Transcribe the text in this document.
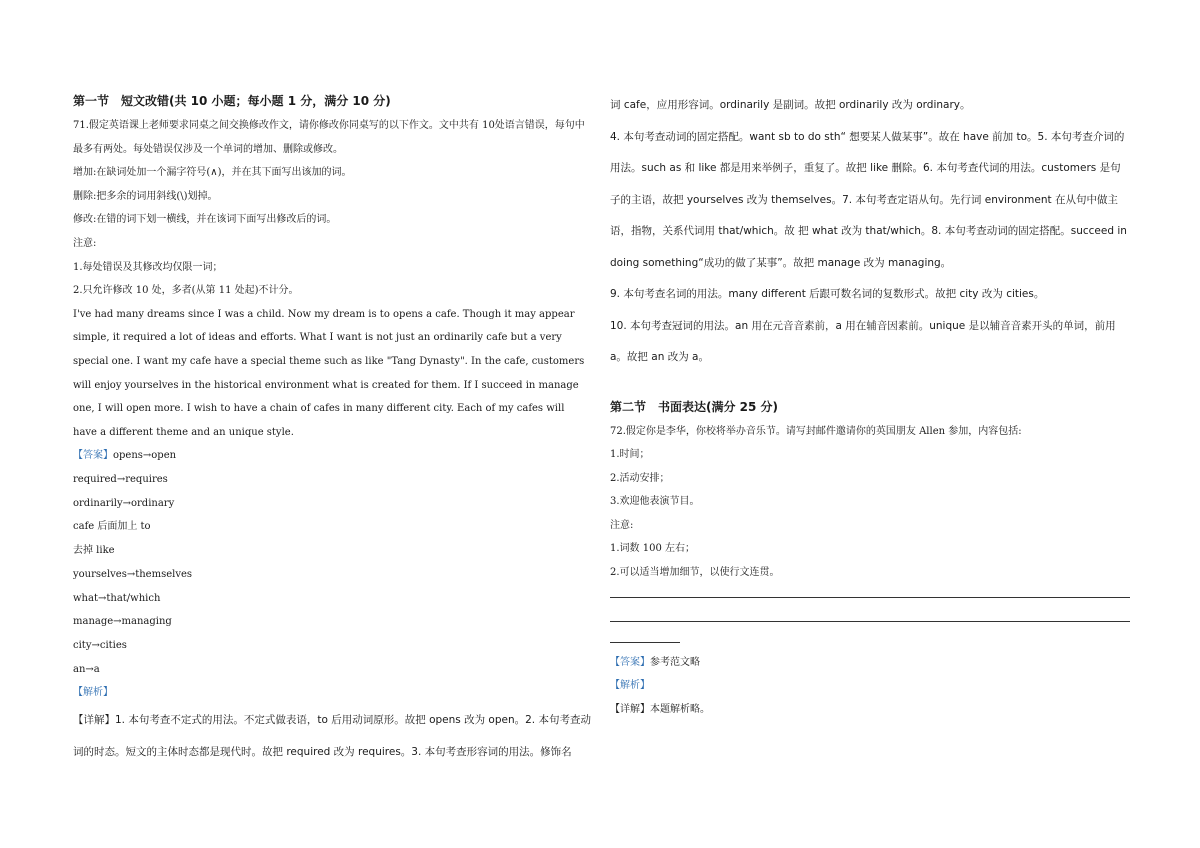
第一节　短文改错(共 10 小题；每小题 1 分，满分 10 分)

71.假定英语课上老师要求同桌之间交换修改作文，请你修改你同桌写的以下作文。文中共有 10处语言错误，每句中最多有两处。每处错误仅涉及一个单词的增加、删除或修改。

增加:在缺词处加一个漏字符号(∧)，并在其下面写出该加的词。

删除:把多余的词用斜线(\)划掉。

修改:在错的词下划一横线，并在该词下面写出修改后的词。

注意:

1.每处错误及其修改均仅限一词；

2.只允许修改 10 处，多者(从第 11 处起)不计分。

I've had many dreams since I was a child. Now my dream is to opens a cafe. Though it may appear simple, it required a lot of ideas and efforts. What I want is not just an ordinarily cafe but a very special one. I want my cafe have a special theme such as like "Tang Dynasty". In the cafe, customers will enjoy yourselves in the historical environment what is created for them. If I succeed in manage one, I will open more. I wish to have a chain of cafes in many different city. Each of my cafes will have a different theme and an unique style.

【答案】opens→open

required→requires

ordinarily→ordinary

cafe 后面加上 to

去掉 like

yourselves→themselves

what→that/which

manage→managing

city→cities

an→a

【解析】

【详解】1. 本句考查不定式的用法。不定式做表语，to 后用动词原形。故把 opens 改为 open。2. 本句考查动词的时态。短文的主体时态都是现代时。故把 required 改为 requires。3. 本句考查形容词的用法。修饰名

词 cafe，应用形容词。ordinarily 是副词。故把 ordinarily 改为 ordinary。

4. 本句考查动词的固定搭配。want sb to do sth“ 想要某人做某事”。故在 have 前加 to。5. 本句考查介词的用法。such as 和 like 都是用来举例子，重复了。故把 like 删除。6. 本句考查代词的用法。customers 是句子的主语，故把 yourselves 改为 themselves。7. 本句考查定语从句。先行词 environment 在从句中做主语，指物，关系代词用 that/which。故 把 what 改为 that/which。8. 本句考查动词的固定搭配。succeed in doing something“成功的做了某事”。故把 manage 改为 managing。

9. 本句考查名词的用法。many different 后跟可数名词的复数形式。故把 city 改为 cities。

10. 本句考查冠词的用法。an 用在元音音素前，a 用在辅音因素前。unique 是以辅音音素开头的单词，前用 a。故把 an 改为 a。

第二节　书面表达(满分 25 分)

72.假定你是李华，你校将举办音乐节。请写封邮件邀请你的英国朋友 Allen 参加，内容包括:

1.时间；

2.活动安排；

3.欢迎他表演节目。

注意:

1.词数 100 左右；

2.可以适当增加细节，以使行文连贯。

【答案】参考范文略

【解析】

【详解】本题解析略。
